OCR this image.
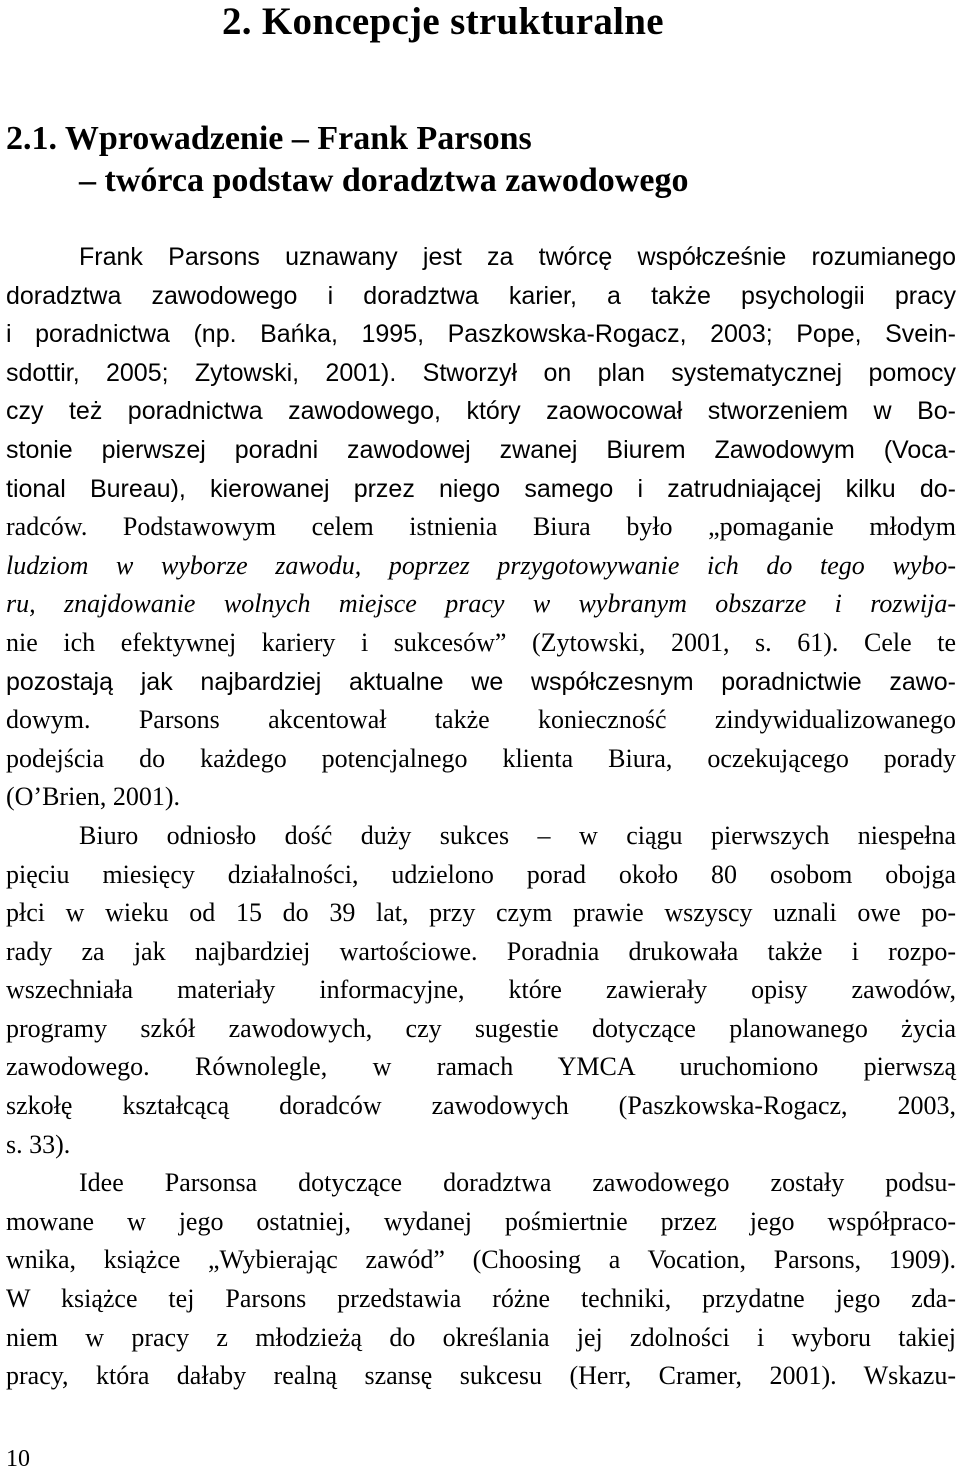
2. Koncepcje strukturalne
2.1. Wprowadzenie – Frank Parsons
– twórca podstaw doradztwa zawodowego
Frank Parsons uznawany jest za twórcę współcześnie rozumianego
doradztwa zawodowego i doradztwa karier, a także psychologii pracy
i poradnictwa (np. Bańka, 1995, Paszkowska-Rogacz, 2003; Pope, Svein-
sdottir, 2005; Zytowski, 2001). Stworzył on plan systematycznej pomocy
czy też poradnictwa zawodowego, który zaowocował stworzeniem w Bo-
stonie pierwszej poradni zawodowej zwanej Biurem Zawodowym (Voca-
tional Bureau), kierowanej przez niego samego i zatrudniającej kilku do-
radców. Podstawowym celem istnienia Biura było „pomaganie młodym
ludziom w wyborze zawodu, poprzez przygotowywanie ich do tego wybo-
ru, znajdowanie wolnych miejsce pracy w wybranym obszarze i rozwija-
nie ich efektywnej kariery i sukcesów” (Zytowski, 2001, s. 61). Cele te
pozostają jak najbardziej aktualne we współczesnym poradnictwie zawo-
dowym. Parsons akcentował także konieczność zindywidualizowanego
podejścia do każdego potencjalnego klienta Biura, oczekującego porady
(O’Brien, 2001).
Biuro odniosło dość duży sukces – w ciągu pierwszych niespełna
pięciu miesięcy działalności, udzielono porad około 80 osobom obojga
płci w wieku od 15 do 39 lat, przy czym prawie wszyscy uznali owe po-
rady za jak najbardziej wartościowe. Poradnia drukowała także i rozpo-
wszechniała materiały informacyjne, które zawierały opisy zawodów,
programy szkół zawodowych, czy sugestie dotyczące planowanego życia
zawodowego. Równolegle, w ramach YMCA uruchomiono pierwszą
szkołę kształcącą doradców zawodowych (Paszkowska-Rogacz, 2003,
s. 33).
Idee Parsonsa dotyczące doradztwa zawodowego zostały podsu-
mowane w jego ostatniej, wydanej pośmiertnie przez jego współpraco-
wnika, książce „Wybierając zawód” (Choosing a Vocation, Parsons, 1909).
W książce tej Parsons przedstawia różne techniki, przydatne jego zda-
niem w pracy z młodzieżą do określania jej zdolności i wyboru takiej
pracy, która dałaby realną szansę sukcesu (Herr, Cramer, 2001). Wskazu-
10
